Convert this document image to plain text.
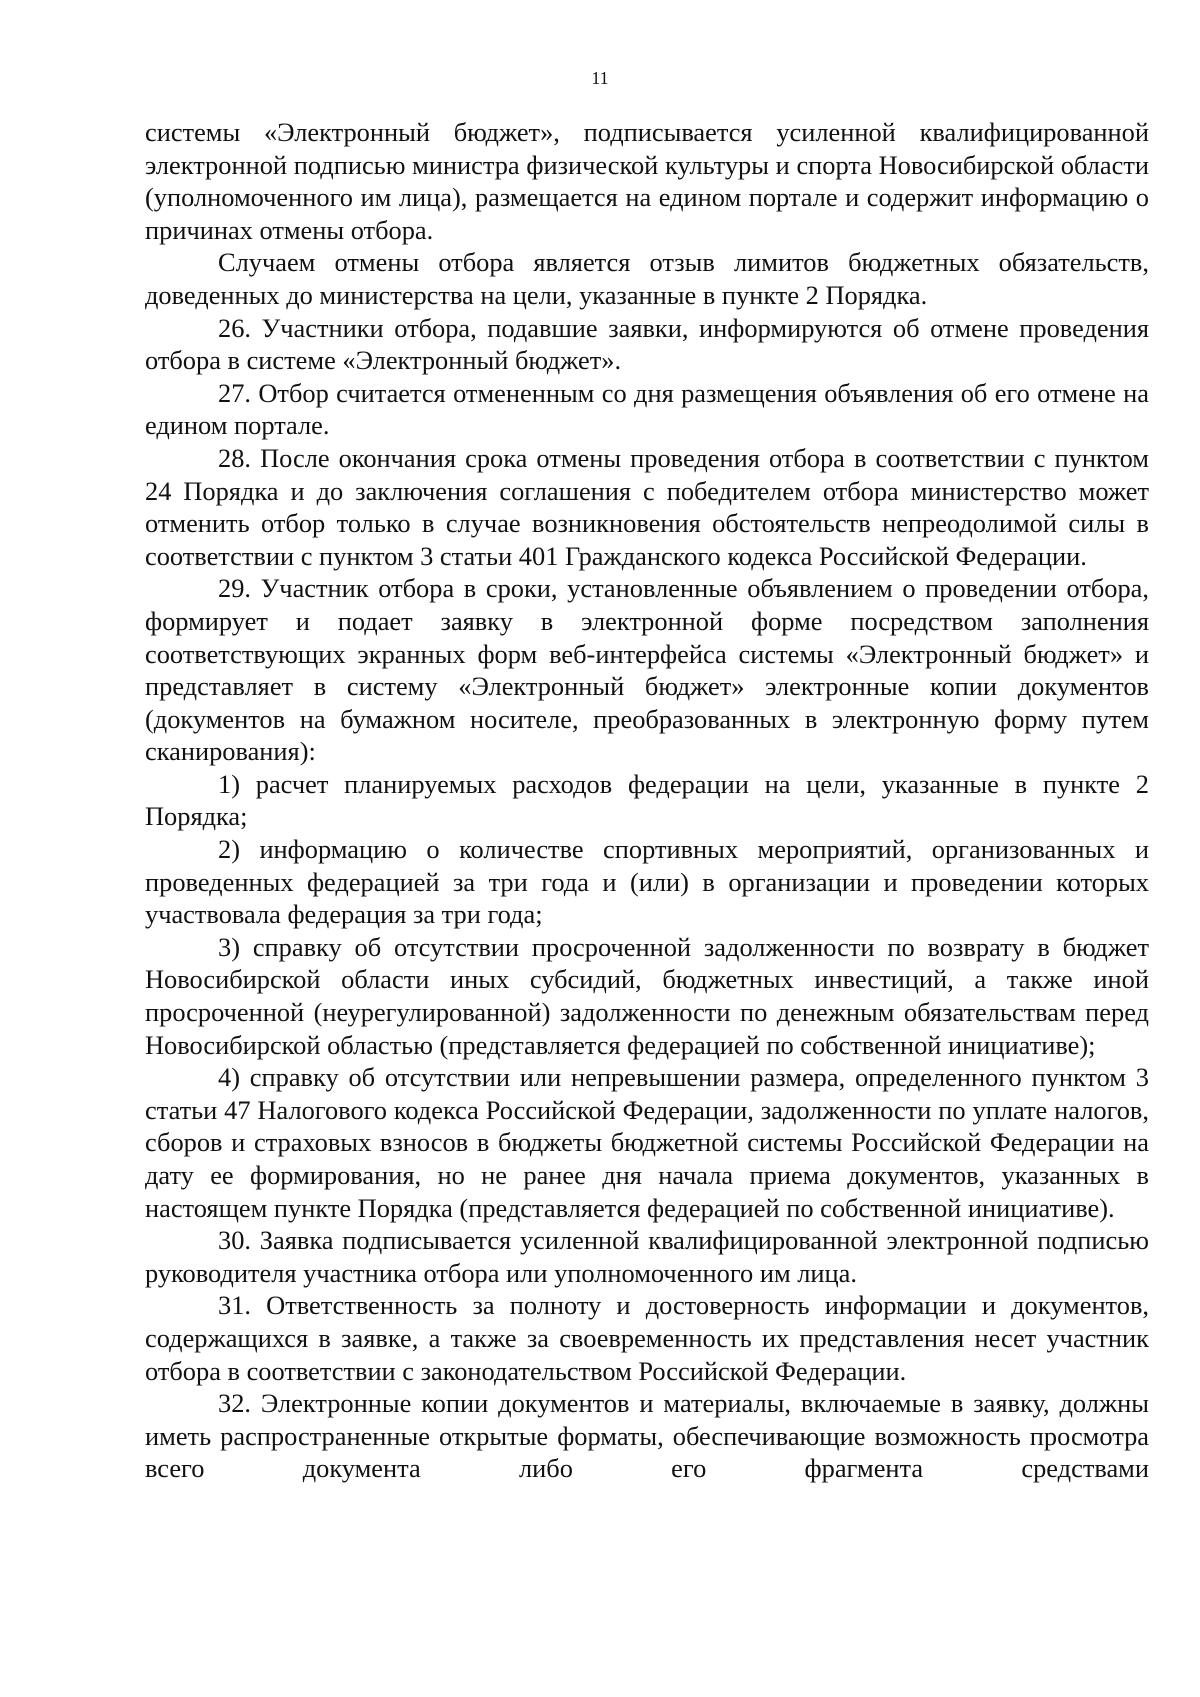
11

системы «Электронный бюджет», подписывается усиленной квалифицированной электронной подписью министра физической культуры и спорта Новосибирской области (уполномоченного им лица), размещается на едином портале и содержит информацию о причинах отмены отбора.

Случаем отмены отбора является отзыв лимитов бюджетных обязательств, доведенных до министерства на цели, указанные в пункте 2 Порядка.

26. Участники отбора, подавшие заявки, информируются об отмене проведения отбора в системе «Электронный бюджет».

27. Отбор считается отмененным со дня размещения объявления об его отмене на едином портале.

28. После окончания срока отмены проведения отбора в соответствии с пунктом 24 Порядка и до заключения соглашения с победителем отбора министерство может отменить отбор только в случае возникновения обстоятельств непреодолимой силы в соответствии с пунктом 3 статьи 401 Гражданского кодекса Российской Федерации.

29. Участник отбора в сроки, установленные объявлением о проведении отбора, формирует и подает заявку в электронной форме посредством заполнения соответствующих экранных форм веб-интерфейса системы «Электронный бюджет» и представляет в систему «Электронный бюджет» электронные копии документов (документов на бумажном носителе, преобразованных в электронную форму путем сканирования):

1) расчет планируемых расходов федерации на цели, указанные в пункте 2 Порядка;

2) информацию о количестве спортивных мероприятий, организованных и проведенных федерацией за три года и (или) в организации и проведении которых участвовала федерация за три года;

3) справку об отсутствии просроченной задолженности по возврату в бюджет Новосибирской области иных субсидий, бюджетных инвестиций, а также иной просроченной (неурегулированной) задолженности по денежным обязательствам перед Новосибирской областью (представляется федерацией по собственной инициативе);

4) справку об отсутствии или непревышении размера, определенного пунктом 3 статьи 47 Налогового кодекса Российской Федерации, задолженности по уплате налогов, сборов и страховых взносов в бюджеты бюджетной системы Российской Федерации на дату ее формирования, но не ранее дня начала приема документов, указанных в настоящем пункте Порядка (представляется федерацией по собственной инициативе).

30. Заявка подписывается усиленной квалифицированной электронной подписью руководителя участника отбора или уполномоченного им лица.

31. Ответственность за полноту и достоверность информации и документов, содержащихся в заявке, а также за своевременность их представления несет участник отбора в соответствии с законодательством Российской Федерации.

32. Электронные копии документов и материалы, включаемые в заявку, должны иметь распространенные открытые форматы, обеспечивающие возможность просмотра всего документа либо его фрагмента средствами
